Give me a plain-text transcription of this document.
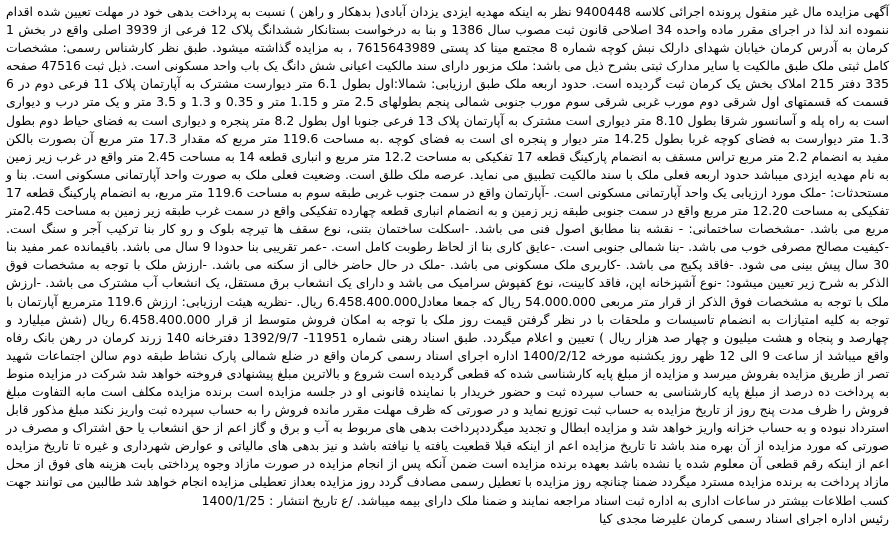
آگهی مزایده مال غیر منقول پرونده اجرائی کلاسه 9400448 نظر به اینکه مهدیه ایزدی یزدان آبادی( بدهکار و راهن ) نسبت به پرداخت بدهی خود در مهلت تعیین شده اقدام ننموده اند لذا در اجرای مقرر ماده واحده 34 اصلاحی قانون ثبت مصوب سال 1386 و بنا به درخواست بستانکار ششدانگ پلاک 12 فرعی از 3939 اصلی واقع در بخش 1 کرمان به آدرس کرمان خیابان شهدای دارلک نبش کوچه شماره 8 مجتمع مینا کد پستی 7615643989 ، به مزایده گذاشته میشود. طبق نظر کارشناس رسمی: مشخصات کامل ثبتی ملک طبق مالکیت یا سایر مدارک ثبتی بشرح ذیل می باشد: ملک مزبور دارای سند مالکیت اعیانی شش دانگ یک باب واحد مسکونی است. ذیل ثبت 47516 صفحه 335 دفتر 215 املاک بخش یک کرمان ثبت گردیده است. حدود اربعه ملک طبق ارزیابی: شمالا:اول بطول 6.1 متر دیوارست مشترک به آپارتمان پلاک 11 فرعی دوم در 6 قسمت که قسمتهای اول شرقی دوم مورب غربی شرقی سوم مورب جنوبی شمالی پنجم بطولهای 2.5 متر و 1.15 متر و 0.35 و 1.3 و 3.5 متر و یک متر درب و دیواری است به راه پله و آسانسور شرقا بطول 8.10 متر دیواری است مشترک به آپارتمان پلاک 13 فرعی جنوبا اول بطول 8.2 متر پنجره و دیواری است به فضای حیاط دوم بطول 1.3 متر دیوارست به فضای کوچه غربا بطول 14.25 متر دیوار و پنجره ای است به فضای کوچه .به مساحت 119.6 متر مربع که مقدار 17.3 متر مربع آن بصورت بالکن مفید به انضمام 2.2 متر مربع تراس مسقف به انضمام پارکینگ قطعه 17 تفکیکی به مساحت 12.2 متر مربع و انباری قطعه 14 به مساحت 2.45 متر واقع در غرب زیر زمین به نام مهدیه ایزدی میباشد حدود اربعه فعلی ملک با سند مالکیت تطبیق می نماید. عرصه ملک طلق است. وضعیت فعلی ملک به صورت واحد آپارتمانی مسکونی است. بنا و مستحدثات: -ملک مورد ارزیابی یک واحد آپارتمانی مسکونی است. -آپارتمان واقع در سمت جنوب غربی طبقه سوم به مساحت 119.6 متر مربع، به انضمام پارکینگ قطعه 17 تفکیکی به مساحت 12.20 متر مربع واقع در سمت جنوبی طبقه زیر زمین و به انضمام انباری قطعه چهارده تفکیکی واقع در سمت غرب طبقه زیر زمین به مساحت 2.45متر مربع می باشد. -مشخصات ساختمانی: - نقشه بنا مطابق اصول فنی می باشد. -اسکلت ساختمان بتنی، نوع سقف ها تیرچه بلوک و رو کار بنا ترکیب آجر و سنگ است. -کیفیت مصالح مصرفی خوب می باشد. -بنا شمالی جنوبی است. -عایق کاری بنا از لحاظ رطوبت کامل است. -عمر تقریبی بنا حدودا 9 سال می باشد. باقیمانده عمر مفید بنا 30 سال پیش بینی می شود. -فاقد پکیج می باشد. -کاربری ملک مسکونی می باشد. -ملک در حال حاضر خالی از سکنه می باشد. -ارزش ملک با توجه به مشخصات فوق الذکر به شرح زیر تعیین میشود: -نوع آشپزخانه اپن، فاقد کابینت، نوع کفپوش سرامیک می باشد و دارای یک انشعاب برق مستقل، یک انشعاب آب مشترک می باشد. -ارزش ملک با توجه به مشخصات فوق الذکر از قرار متر مربعی 54.000.000 ریال که جمعا معادل6.458.400.000 ریال. -نظریه هیئت ارزیابی: ارزش 119.6 مترمربع آپارتمان با توجه به کلیه امتیازات به انضمام تاسیسات و ملحقات با در نظر گرفتن قیمت روز ملک با توجه به امکان فروش متوسط از قرار 6.458.400.000 ریال (شش میلیارد و چهارصد و پنجاه و هشت میلیون و چهار صد هزار ریال ) تعیین و اعلام میگردد. طبق اسناد رهنی شماره 11951- 1392/9/7 دفترخانه 140 زرند کرمان در رهن بانک رفاه واقع میباشد از ساعت 9 الی 12 ظهر روز یکشنبه مورخه 1400/2/12 اداره اجرای اسناد رسمی کرمان واقع در ضلع شمالی پارک نشاط طبقه دوم سالن اجتماعات شهید تصر از طریق مزایده بفروش میرسد و مزایده از مبلغ پایه کارشناسی شده که قطعی گردیده است شروع و بالاترین مبلغ پیشنهادی فروخته خواهد شد شرکت در مزایده منوط به پرداخت ده درصد از مبلغ پایه کارشناسی به حساب سپرده ثبت و حضور خریدار با نماینده قانونی او در جلسه مزایده است برنده مزایده مکلف است مابه التفاوت مبلغ فروش را ظرف مدت پنج روز از تاریخ مزایده به حساب ثبت توزیع نماید و در صورتی که ظرف مهلت مقرر مانده فروش را به حساب سپرده ثبت واریز نکند مبلغ مذکور قابل استرداد نبوده و به حساب خزانه واریز خواهد شد و مزایده ابطال و تجدید میگرددپرداخت بدهی های مربوط به آب و برق و گاز اعم از حق انشعاب یا حق اشتراک و مصرف در صورتی که مورد مزایده از آن بهره مند باشد تا تاریخ مزایده اعم از اینکه قبلا قطعیت یافته یا نیافته باشد و نیز بدهی های مالیاتی و عوارض شهرداری و غیره تا تاریخ مزایده اعم از اینکه رقم قطعی آن معلوم شده یا نشده باشد بعهده برنده مزایده است ضمن آنکه پس از انجام مزایده در صورت مازاد وجوه پرداختی بابت هزینه های فوق از محل مازاد پرداخت به برنده مزایده مسترد میگردد ضمنا چنانچه روز مزایده با تعطیل رسمی مصادف گردد روز مزایده بعداز تعطیلی مزایده انجام خواهد شد طالبین می توانند جهت کسب اطلاعات بیشتر در ساعات اداری به اداره ثبت اسناد مراجعه نمایند و ضمنا ملک دارای بیمه میباشد. /ع تاریخ انتشار : 1400/1/25

رئیس اداره اجرای اسناد رسمی کرمان علیرضا مجدی کیا
